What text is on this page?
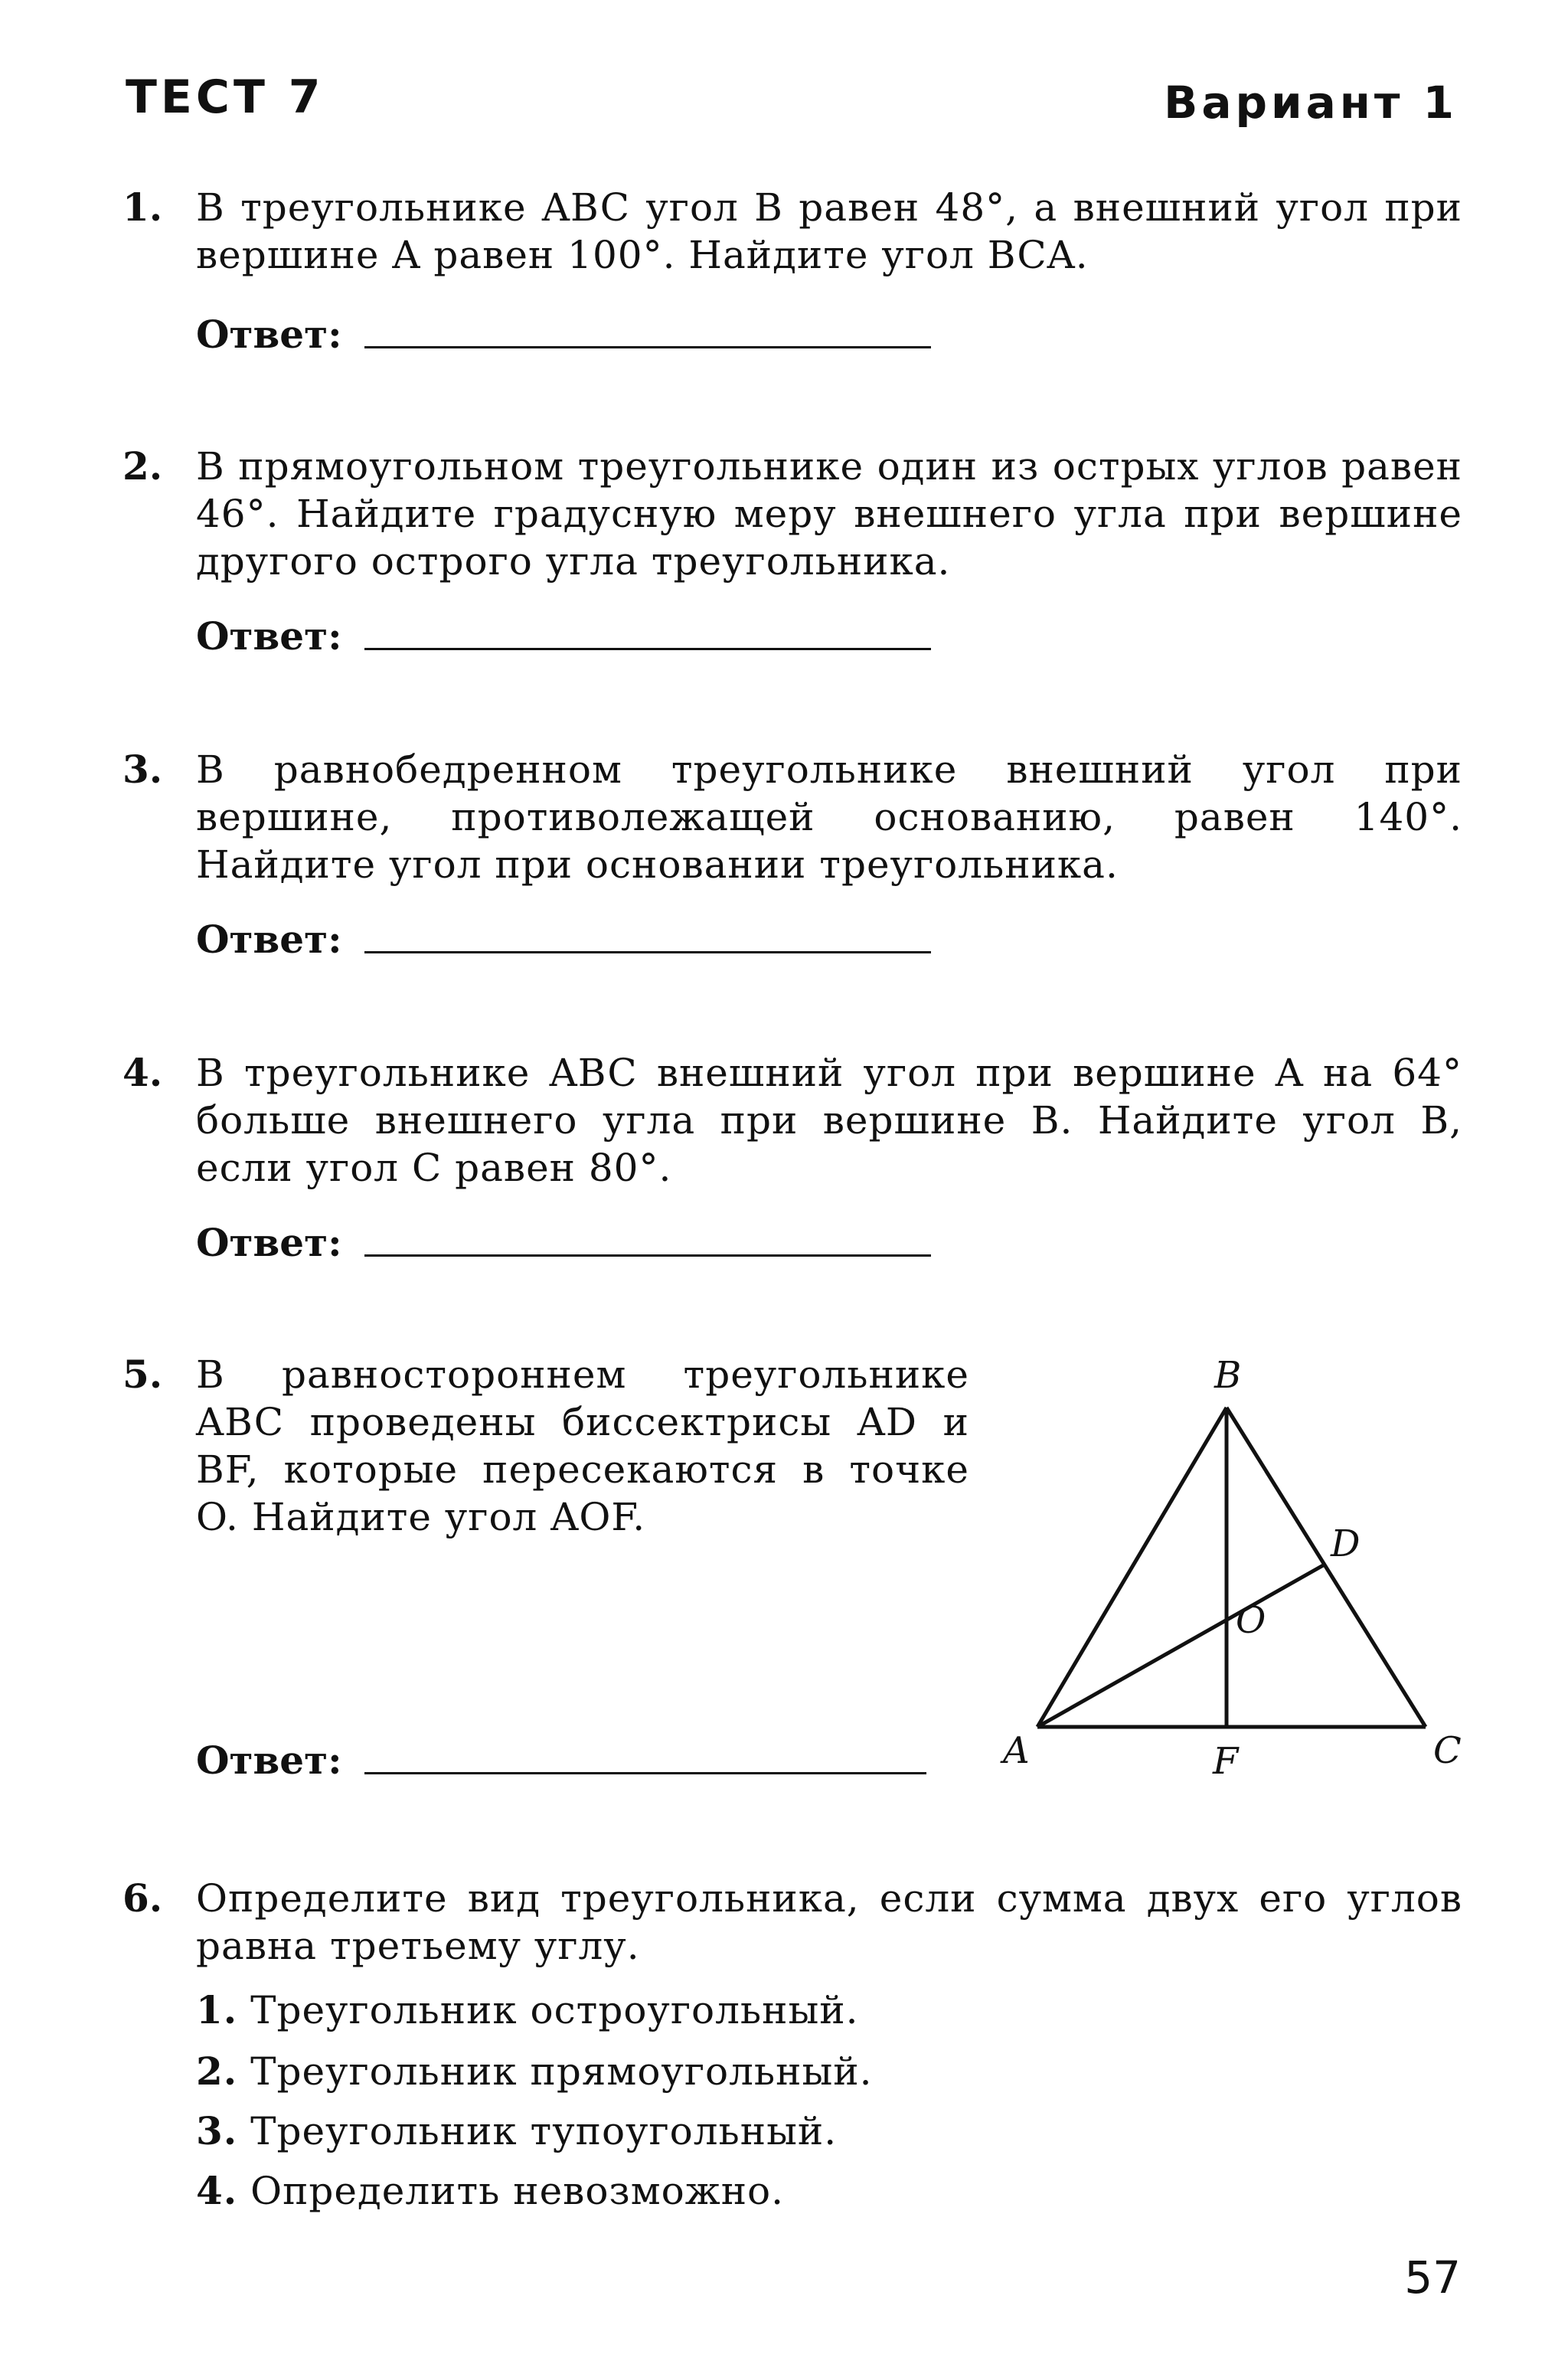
ТЕСТ 7	Вариант 1
1. В треугольнике ABC угол B равен 48°, а внешний угол при вершине A равен 100°. Найдите угол BCA.
Ответ:
2. В прямоугольном треугольнике один из острых углов равен 46°. Найдите градусную меру внешнего угла при вершине другого острого угла треугольника.
Ответ:
3. В равнобедренном треугольнике внешний угол при вершине, противолежащей основанию, равен 140°. Найдите угол при основании треугольника.
Ответ:
4. В треугольнике ABC внешний угол при вершине A на 64° больше внешнего угла при вершине B. Найдите угол B, если угол C равен 80°.
Ответ:
5. В равностороннем треугольнике ABC проведены биссектрисы AD и BF, которые пересекаются в точке O. Найдите угол AOF.
Ответ:
B
A	C
D
F
O
6. Определите вид треугольника, если сумма двух его углов равна третьему углу.
1. Треугольник остроугольный.
2. Треугольник прямоугольный.
3. Треугольник тупоугольный.
4. Определить невозможно.
57
